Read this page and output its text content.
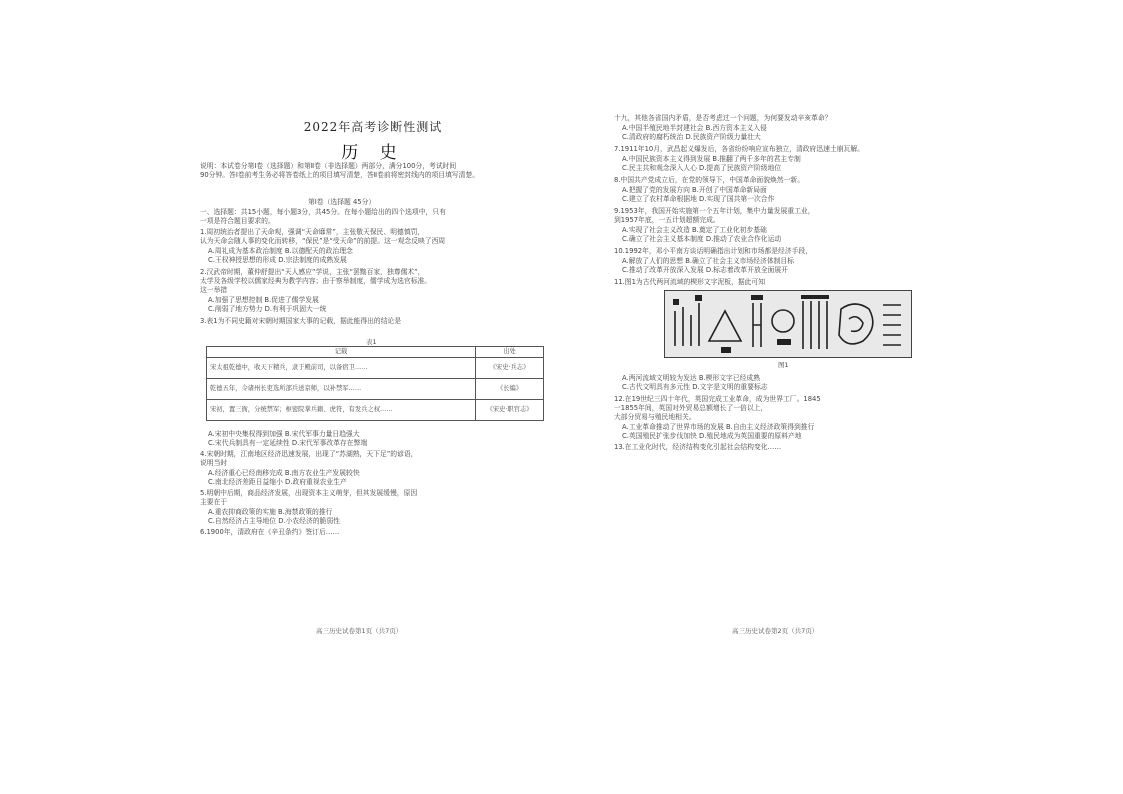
2022年高考诊断性测试
历 史
说明：本试卷分第Ⅰ卷（选择题）和第Ⅱ卷（非选择题）两部分，满分100分，考试时间
90分钟。答Ⅰ卷前考生务必将答卷纸上的项目填写清楚，答Ⅱ卷前将密封线内的项目填写清楚。
第Ⅰ卷（选择题 45分）
一、选择题：共15小题，每小题3分，共45分。在每小题给出的四个选项中，只有
一项是符合题目要求的。
1.周初统治者提出了天命观，强调“天命靡常”，主张敬天保民、明德慎罚，
认为天命会随人事的变化而转移，“保民”是“受天命”的前提。这一观念反映了西周
A.周礼成为基本政治制度 B.以德配天的政治理念
C.王权神授思想的形成 D.宗法制度的成熟发展
2.汉武帝时期，董仲舒提出“天人感应”学说，主张“罢黜百家，独尊儒术”，
太学及各级学校以儒家经典为教学内容；由于察举制度，儒学成为选官标准。
这一举措
A.加强了思想控制 B.促进了儒学发展
C.削弱了地方势力 D.有利于巩固大一统
3.表1为不同史籍对宋朝时期国家大事的记载，据此能得出的结论是
表1
记载	出处
宋太祖乾德中，收天下精兵，隶于殿前司，以备宿卫……	《宋史·兵志》
乾德五年，令诸州长吏选所部兵送京师，以补禁军……	《长编》
宋初，置三衙，分统禁军；枢密院掌兵籍、虎符，有发兵之权……	《宋史·职官志》
A.宋初中央集权得到加强 B.宋代军事力量日趋强大
C.宋代兵制具有一定延续性 D.宋代军事改革存在弊端
4.宋朝时期，江南地区经济迅速发展，出现了“苏湖熟，天下足”的谚语，
说明当时
A.经济重心已经南移完成 B.南方农业生产发展较快
C.南北经济差距日益缩小 D.政府重视农业生产
5.明朝中后期，商品经济发展，出现资本主义萌芽，但其发展缓慢，原因
主要在于
A.重农抑商政策的实施 B.海禁政策的推行
C.自然经济占主导地位 D.小农经济的脆弱性
6.1900年，清政府在《辛丑条约》签订后……
高三历史试卷第1页（共7页）
十九，其他各省国内矛盾，是否考虑过一个问题，为何要发动辛亥革命？
A.中国半殖民地半封建社会 B.西方资本主义入侵
C.清政府的腐朽统治 D.民族资产阶级力量壮大
7.1911年10月，武昌起义爆发后，各省纷纷响应宣布独立，清政府迅速土崩瓦解。
A.中国民族资本主义得到发展 B.推翻了两千多年的君主专制
C.民主共和观念深入人心 D.提高了民族资产阶级地位
8.中国共产党成立后，在党的领导下，中国革命面貌焕然一新。
A.把握了党的发展方向 B.开创了中国革命新局面
C.建立了农村革命根据地 D.实现了国共第一次合作
9.1953年，我国开始实施第一个五年计划，集中力量发展重工业，
到1957年底，一五计划超额完成。
A.实现了社会主义改造 B.奠定了工业化初步基础
C.确立了社会主义基本制度 D.推动了农业合作化运动
10.1992年，邓小平南方谈话明确指出计划和市场都是经济手段，
A.解放了人们的思想 B.确立了社会主义市场经济体制目标
C.推动了改革开放深入发展 D.标志着改革开放全面展开
11.图1为古代两河流域的楔形文字泥板，据此可知
图1
A.两河流域文明较为发达 B.楔形文字已经成熟
C.古代文明具有多元性 D.文字是文明的重要标志
12.在19世纪三四十年代，英国完成工业革命，成为世界工厂。1845
一1855年间，英国对外贸易总额增长了一倍以上，
大部分贸易与殖民地相关。
A.工业革命推动了世界市场的发展 B.自由主义经济政策得到推行
C.英国殖民扩张步伐加快 D.殖民地成为英国重要的原料产地
13.在工业化时代，经济结构变化引起社会结构变化……
高三历史试卷第2页（共7页）
